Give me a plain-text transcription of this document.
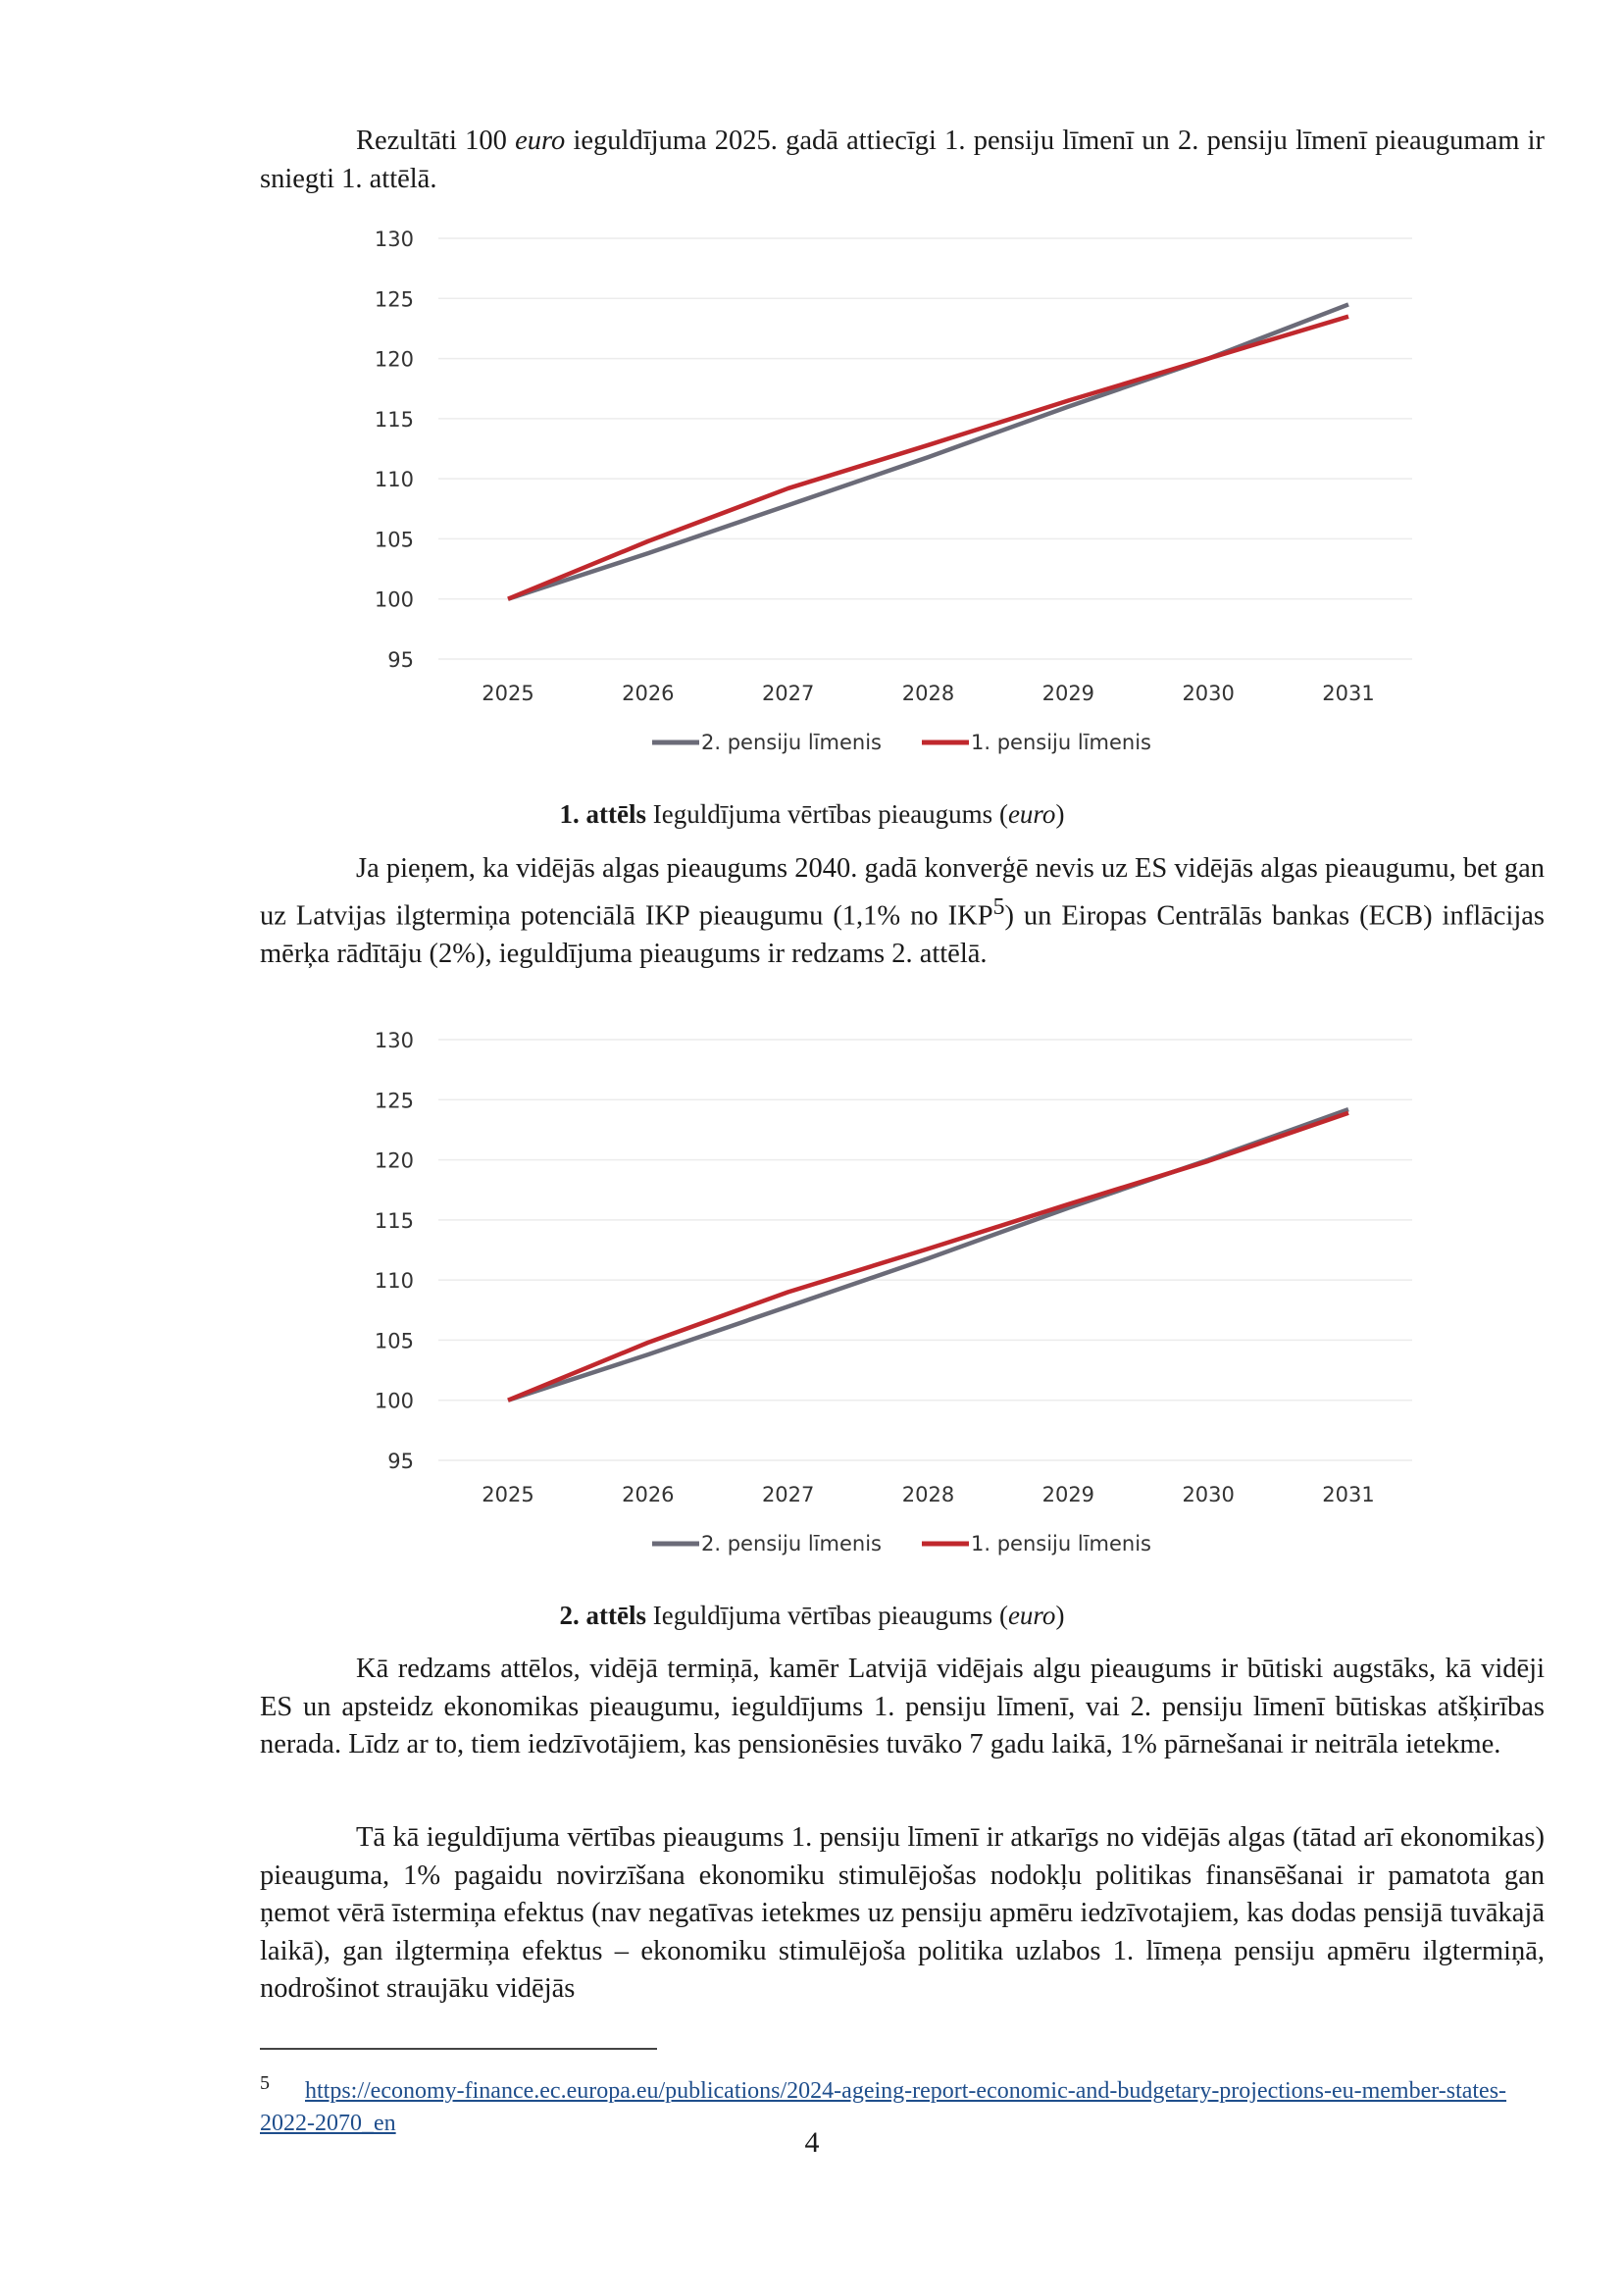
Rezultāti 100 euro ieguldījuma 2025. gadā attiecīgi 1. pensiju līmenī un 2. pensiju līmenī pieaugumam ir sniegti 1. attēlā.
95
100
105
110
115
120
125
130
2025	2026	2027	2028	2029	2030	2031
2. pensiju līmenis	1. pensiju līmenis
1. attēls Ieguldījuma vērtības pieaugums (euro)
Ja pieņem, ka vidējās algas pieaugums 2040. gadā konverģē nevis uz ES vidējās algas pieaugumu, bet gan uz Latvijas ilgtermiņa potenciālā IKP pieaugumu (1,1% no IKP$^5$) un Eiropas Centrālās bankas (ECB) inflācijas mērķa rādītāju (2%), ieguldījuma pieaugums ir redzams 2. attēlā.
95
100
105
110
115
120
125
130
2025	2026	2027	2028	2029	2030	2031
2. pensiju līmenis	1. pensiju līmenis
2. attēls Ieguldījuma vērtības pieaugums (euro)
Kā redzams attēlos, vidējā termiņā, kamēr Latvijā vidējais algu pieaugums ir būtiski augstāks, kā vidēji ES un apsteidz ekonomikas pieaugumu, ieguldījums 1. pensiju līmenī, vai 2. pensiju līmenī būtiskas atšķirības nerada. Līdz ar to, tiem iedzīvotājiem, kas pensionēsies tuvāko 7 gadu laikā, 1% pārnešanai ir neitrāla ietekme.
Tā kā ieguldījuma vērtības pieaugums 1. pensiju līmenī ir atkarīgs no vidējās algas (tātad arī ekonomikas) pieauguma, 1% pagaidu novirzīšana ekonomiku stimulējošas nodokļu politikas finansēšanai ir pamatota gan ņemot vērā īstermiņa efektus (nav negatīvas ietekmes uz pensiju apmēru iedzīvotajiem, kas dodas pensijā tuvākajā laikā), gan ilgtermiņa efektus – ekonomiku stimulējoša politika uzlabos 1. līmeņa pensiju apmēru ilgtermiņā, nodrošinot straujāku vidējās
$^5$ https://economy-finance.ec.europa.eu/publications/2024-ageing-report-economic-and-budgetary-projections-eu-member-states-2022-2070_en
4
